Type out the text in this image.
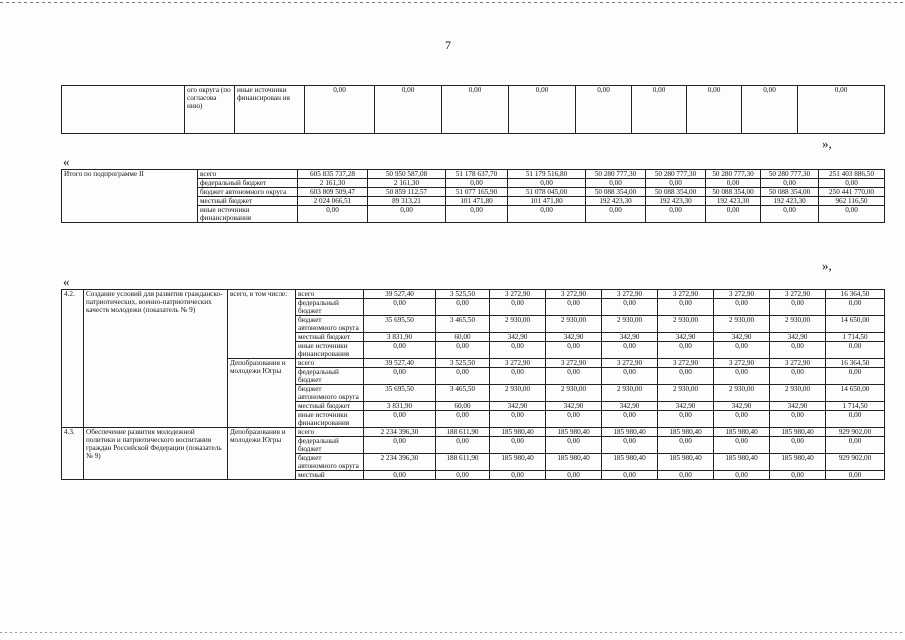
7
	ого округа (по согласова нию)	иные источники финансирован ия	0,00	0,00	0,00	0,00	0,00	0,00	0,00	0,00	0,00
»,
«
Итого по подпрограмме II	всего	605 835 737,28	50 950 587,08	51 178 637,70	51 179 516,80	50 280 777,30	50 280 777,30	50 280 777,30	50 280 777,30	251 403 886,50
	федеральный бюджет	2 161,30	2 161,30	0,00	0,00	0,00	0,00	0,00	0,00	0,00
	бюджет автономного округа	603 809 509,47	50 859 112,57	51 077 165,90	51 078 045,00	50 088 354,00	50 088 354,00	50 088 354,00	50 088 354,00	250 441 770,00
	местный бюджет	2 024 066,51	89 313,21	101 471,80	101 471,80	192 423,30	192 423,30	192 423,30	192 423,30	962 116,50
	иные источники финансирования	0,00	0,00	0,00	0,00	0,00	0,00	0,00	0,00	0,00
»,
«
4.2.	Создание условий для развития гражданско-патриотических, военно-патриотических качеств молодежи (показатель № 9)	всего, в том числе:	всего	39 527,40	3 525,50	3 272,90	3 272,90	3 272,90	3 272,90	3 272,90	3 272,90	16 364,50
			федеральный бюджет	0,00	0,00	0,00	0,00	0,00	0,00	0,00	0,00	0,00
			бюджет автономного округа	35 695,50	3 465,50	2 930,00	2 930,00	2 930,00	2 930,00	2 930,00	2 930,00	14 650,00
			местный бюджет	3 831,90	60,00	342,90	342,90	342,90	342,90	342,90	342,90	1 714,50
			иные источники финансирования	0,00	0,00	0,00	0,00	0,00	0,00	0,00	0,00	0,00
		Депобразования и молодежи Югры	всего	39 527,40	3 525,50	3 272,90	3 272,90	3 272,90	3 272,90	3 272,90	3 272,90	16 364,50
			федеральный бюджет	0,00	0,00	0,00	0,00	0,00	0,00	0,00	0,00	0,00
			бюджет автономного округа	35 695,50	3 465,50	2 930,00	2 930,00	2 930,00	2 930,00	2 930,00	2 930,00	14 650,00
			местный бюджет	3 831,90	60,00	342,90	342,90	342,90	342,90	342,90	342,90	1 714,50
			иные источники финансирования	0,00	0,00	0,00	0,00	0,00	0,00	0,00	0,00	0,00
4.3.	Обеспечение развития молодежной политики и патриотического воспитания граждан Российской Федерации (показатель № 9)	Депобразования и молодежи Югры	всего	2 234 396,30	188 611,90	185 980,40	185 980,40	185 980,40	185 980,40	185 980,40	185 980,40	929 902,00
			федеральный бюджет	0,00	0,00	0,00	0,00	0,00	0,00	0,00	0,00	0,00
			бюджет автономного округа	2 234 396,30	188 611,90	185 980,40	185 980,40	185 980,40	185 980,40	185 980,40	185 980,40	929 902,00
			местный	0,00	0,00	0,00	0,00	0,00	0,00	0,00	0,00	0,00
